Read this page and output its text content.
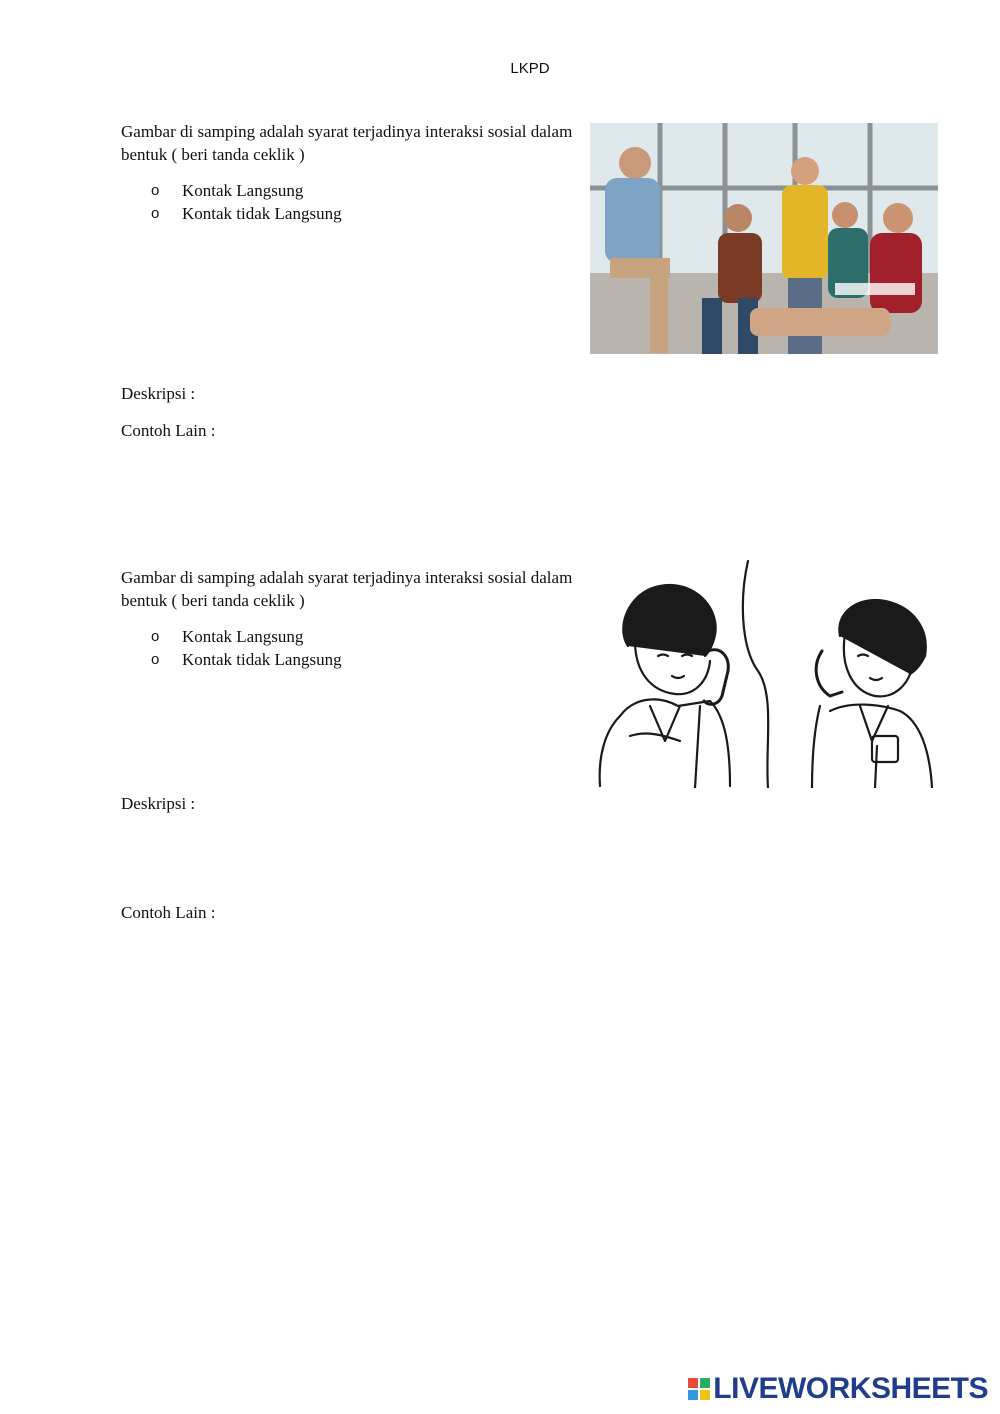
LKPD
Gambar di samping adalah syarat terjadinya interaksi sosial dalam bentuk ( beri tanda ceklik )
o	Kontak Langsung
o	Kontak tidak Langsung
Deskripsi :
Contoh Lain :
Gambar di samping adalah syarat terjadinya interaksi sosial dalam bentuk ( beri tanda ceklik )
o	Kontak Langsung
o	Kontak tidak Langsung
Deskripsi :
Contoh Lain :
LIVEWORKSHEETS
